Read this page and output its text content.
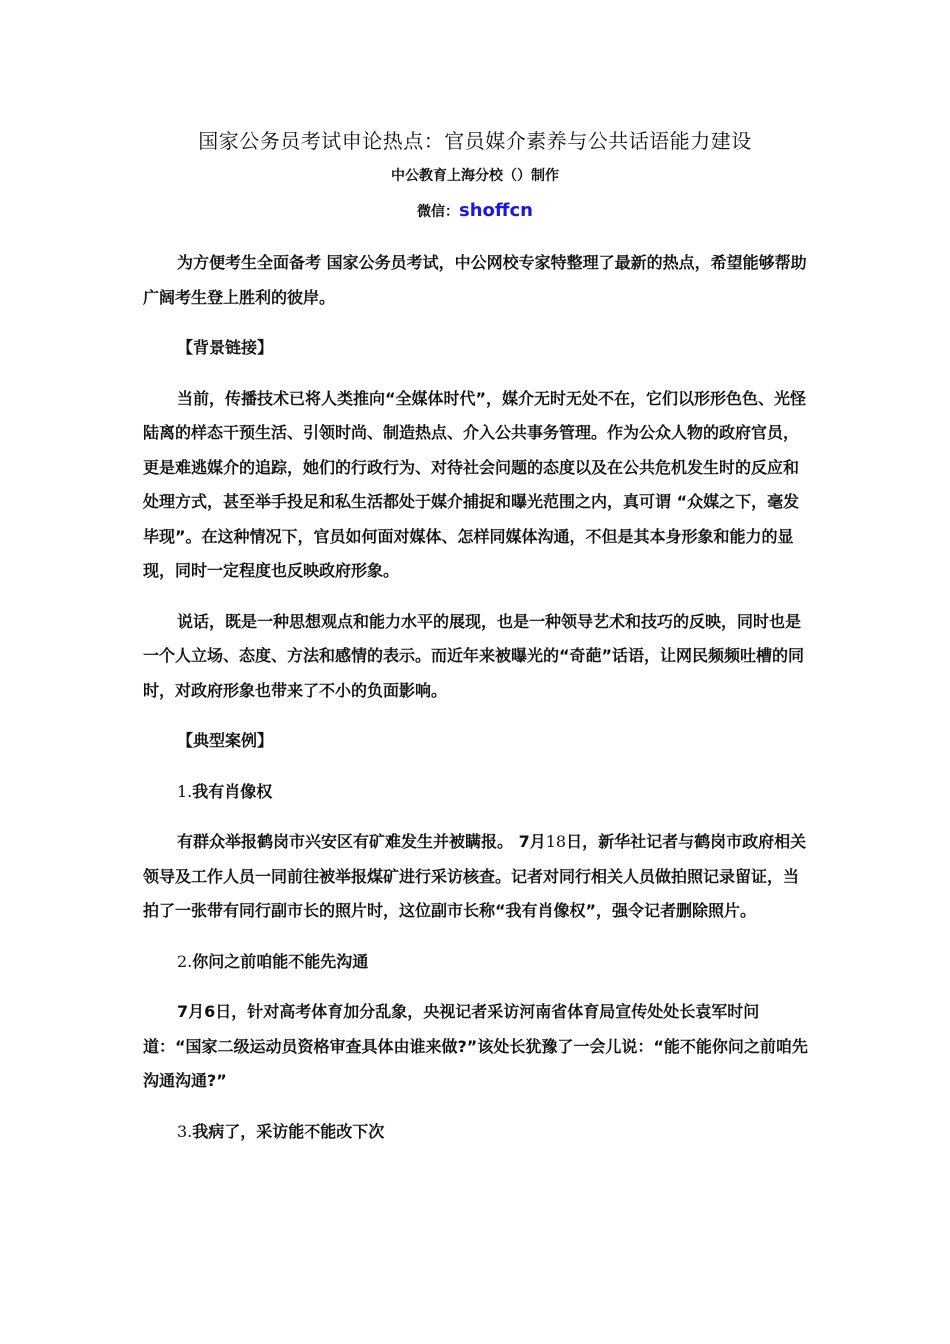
国家公务员考试申论热点：官员媒介素养与公共话语能力建设
中公教育上海分校（）制作
微信：shoffcn

为方便考生全面备考 国家公务员考试，中公网校专家特整理了最新的热点，希望能够帮助广阔考生登上胜利的彼岸。

【背景链接】

当前，传播技术已将人类推向“全媒体时代”，媒介无时无处不在，它们以形形色色、光怪陆离的样态干预生活、引领时尚、制造热点、介入公共事务管理。作为公众人物的政府官员，更是难逃媒介的追踪，她们的行政行为、对待社会问题的态度以及在公共危机发生时的反应和处理方式，甚至举手投足和私生活都处于媒介捕捉和曝光范围之内，真可谓 “众媒之下，毫发毕现”。在这种情况下，官员如何面对媒体、怎样同媒体沟通，不但是其本身形象和能力的显现，同时一定程度也反映政府形象。

说话，既是一种思想观点和能力水平的展现，也是一种领导艺术和技巧的反映，同时也是一个人立场、态度、方法和感情的表示。而近年来被曝光的“奇葩”话语，让网民频频吐槽的同时，对政府形象也带来了不小的负面影响。

【典型案例】

1.我有肖像权

有群众举报鹤岗市兴安区有矿难发生并被瞒报。 7月18日，新华社记者与鹤岗市政府相关领导及工作人员一同前往被举报煤矿进行采访核查。记者对同行相关人员做拍照记录留证，当拍了一张带有同行副市长的照片时，这位副市长称“我有肖像权”，强令记者删除照片。

2.你问之前咱能不能先沟通

7月6日，针对高考体育加分乱象，央视记者采访河南省体育局宣传处处长袁军时问道：“国家二级运动员资格审查具体由谁来做?”该处长犹豫了一会儿说：“能不能你问之前咱先沟通沟通?”

3.我病了，采访能不能改下次
